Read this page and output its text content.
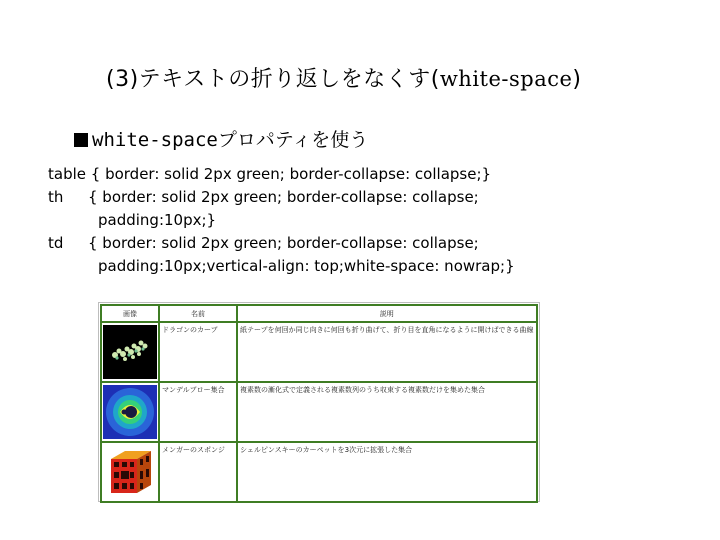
(3)テキストの折り返しをなくす(white-space)
white-spaceプロパティを使う
table { border: solid 2px green; border-collapse: collapse;}
th { border: solid 2px green; border-collapse: collapse;
padding:10px;}
td { border: solid 2px green; border-collapse: collapse;
padding:10px;vertical-align: top;white-space: nowrap;}
画像	名前	説明

	ドラゴンのカーブ	紙テープを何回か同じ向きに何回も折り曲げて、折り目を直角になるように開けばできる曲線

	マンデルブロー集合	複素数の漸化式で定義される複素数列のうち収束する複素数だけを集めた集合

	メンガーのスポンジ	シェルピンスキーのカーペットを3次元に拡張した集合
